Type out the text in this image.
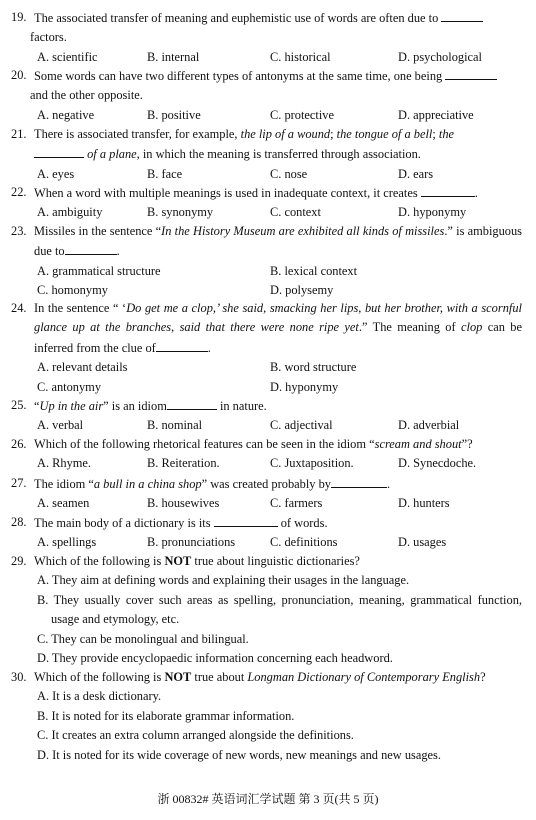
19. The associated transfer of meaning and euphemistic use of words are often due to
factors.
A. scientific	B. internal	C. historical	D. psychological
20. Some words can have two different types of antonyms at the same time, one being
and the other opposite.
A. negative	B. positive	C. protective	D. appreciative
21. There is associated transfer, for example, the lip of a wound; the tongue of a bell; the
of a plane, in which the meaning is transferred through association.
A. eyes	B. face	C. nose	D. ears
22. When a word with multiple meanings is used in inadequate context, it creates	.
A. ambiguity	B. synonymy	C. context	D. hyponymy
23. Missiles in the sentence “In the History Museum are exhibited all kinds of missiles.” is ambiguous due to	.
A. grammatical structure	B. lexical context
C. homonymy	D. polysemy
24. In the sentence “ ‘Do get me a clop,’ she said, smacking her lips, but her brother, with a scornful glance up at the branches, said that there were none ripe yet.” The meaning of clop can be inferred from the clue of	.
A. relevant details	B. word structure
C. antonymy	D. hyponymy
25. “Up in the air” is an idiom	in nature.
A. verbal	B. nominal	C. adjectival	D. adverbial
26. Which of the following rhetorical features can be seen in the idiom “scream and shout”?
A. Rhyme.	B. Reiteration.	C. Juxtaposition.	D. Synecdoche.
27. The idiom “a bull in a china shop” was created probably by	.
A. seamen	B. housewives	C. farmers	D. hunters
28. The main body of a dictionary is its	of words.
A. spellings	B. pronunciations	C. definitions	D. usages
29. Which of the following is NOT true about linguistic dictionaries?
A. They aim at defining words and explaining their usages in the language.
B. They usually cover such areas as spelling, pronunciation, meaning, grammatical function, usage and etymology, etc.
C. They can be monolingual and bilingual.
D. They provide encyclopaedic information concerning each headword.
30. Which of the following is NOT true about Longman Dictionary of Contemporary English?
A. It is a desk dictionary.
B. It is noted for its elaborate grammar information.
C. It creates an extra column arranged alongside the definitions.
D. It is noted for its wide coverage of new words, new meanings and new usages.
浙 00832# 英语词汇学试题 第 3 页(共 5 页)
